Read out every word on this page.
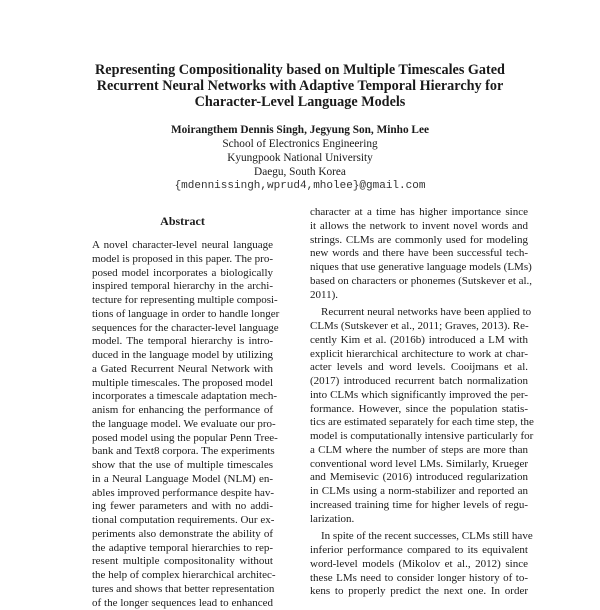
Representing Compositionality based on Multiple Timescales Gated
Recurrent Neural Networks with Adaptive Temporal Hierarchy for
Character-Level Language Models
Moirangthem Dennis Singh, Jegyung Son, Minho Lee
School of Electronics Engineering
Kyungpook National University
Daegu, South Korea
{mdennissingh,wprud4,mholee}@gmail.com
Abstract
A novel character-level neural language
model is proposed in this paper. The pro-
posed model incorporates a biologically
inspired temporal hierarchy in the archi-
tecture for representing multiple composi-
tions of language in order to handle longer
sequences for the character-level language
model. The temporal hierarchy is intro-
duced in the language model by utilizing
a Gated Recurrent Neural Network with
multiple timescales. The proposed model
incorporates a timescale adaptation mech-
anism for enhancing the performance of
the language model. We evaluate our pro-
posed model using the popular Penn Tree-
bank and Text8 corpora. The experiments
show that the use of multiple timescales
in a Neural Language Model (NLM) en-
ables improved performance despite hav-
ing fewer parameters and with no addi-
tional computation requirements. Our ex-
periments also demonstrate the ability of
the adaptive temporal hierarchies to rep-
resent multiple compositonality without
the help of complex hierarchical architec-
tures and shows that better representation
of the longer sequences lead to enhanced
character at a time has higher importance since
it allows the network to invent novel words and
strings. CLMs are commonly used for modeling
new words and there have been successful tech-
niques that use generative language models (LMs)
based on characters or phonemes (Sutskever et al.,
2011).
Recurrent neural networks have been applied to
CLMs (Sutskever et al., 2011; Graves, 2013). Re-
cently Kim et al. (2016b) introduced a LM with
explicit hierarchical architecture to work at char-
acter levels and word levels. Cooijmans et al.
(2017) introduced recurrent batch normalization
into CLMs which significantly improved the per-
formance. However, since the population statis-
tics are estimated separately for each time step, the
model is computationally intensive particularly for
a CLM where the number of steps are more than
conventional word level LMs. Similarly, Krueger
and Memisevic (2016) introduced regularization
in CLMs using a norm-stabilizer and reported an
increased training time for higher levels of regu-
larization.
In spite of the recent successes, CLMs still have
inferior performance compared to its equivalent
word-level models (Mikolov et al., 2012) since
these LMs need to consider longer history of to-
kens to properly predict the next one. In order
